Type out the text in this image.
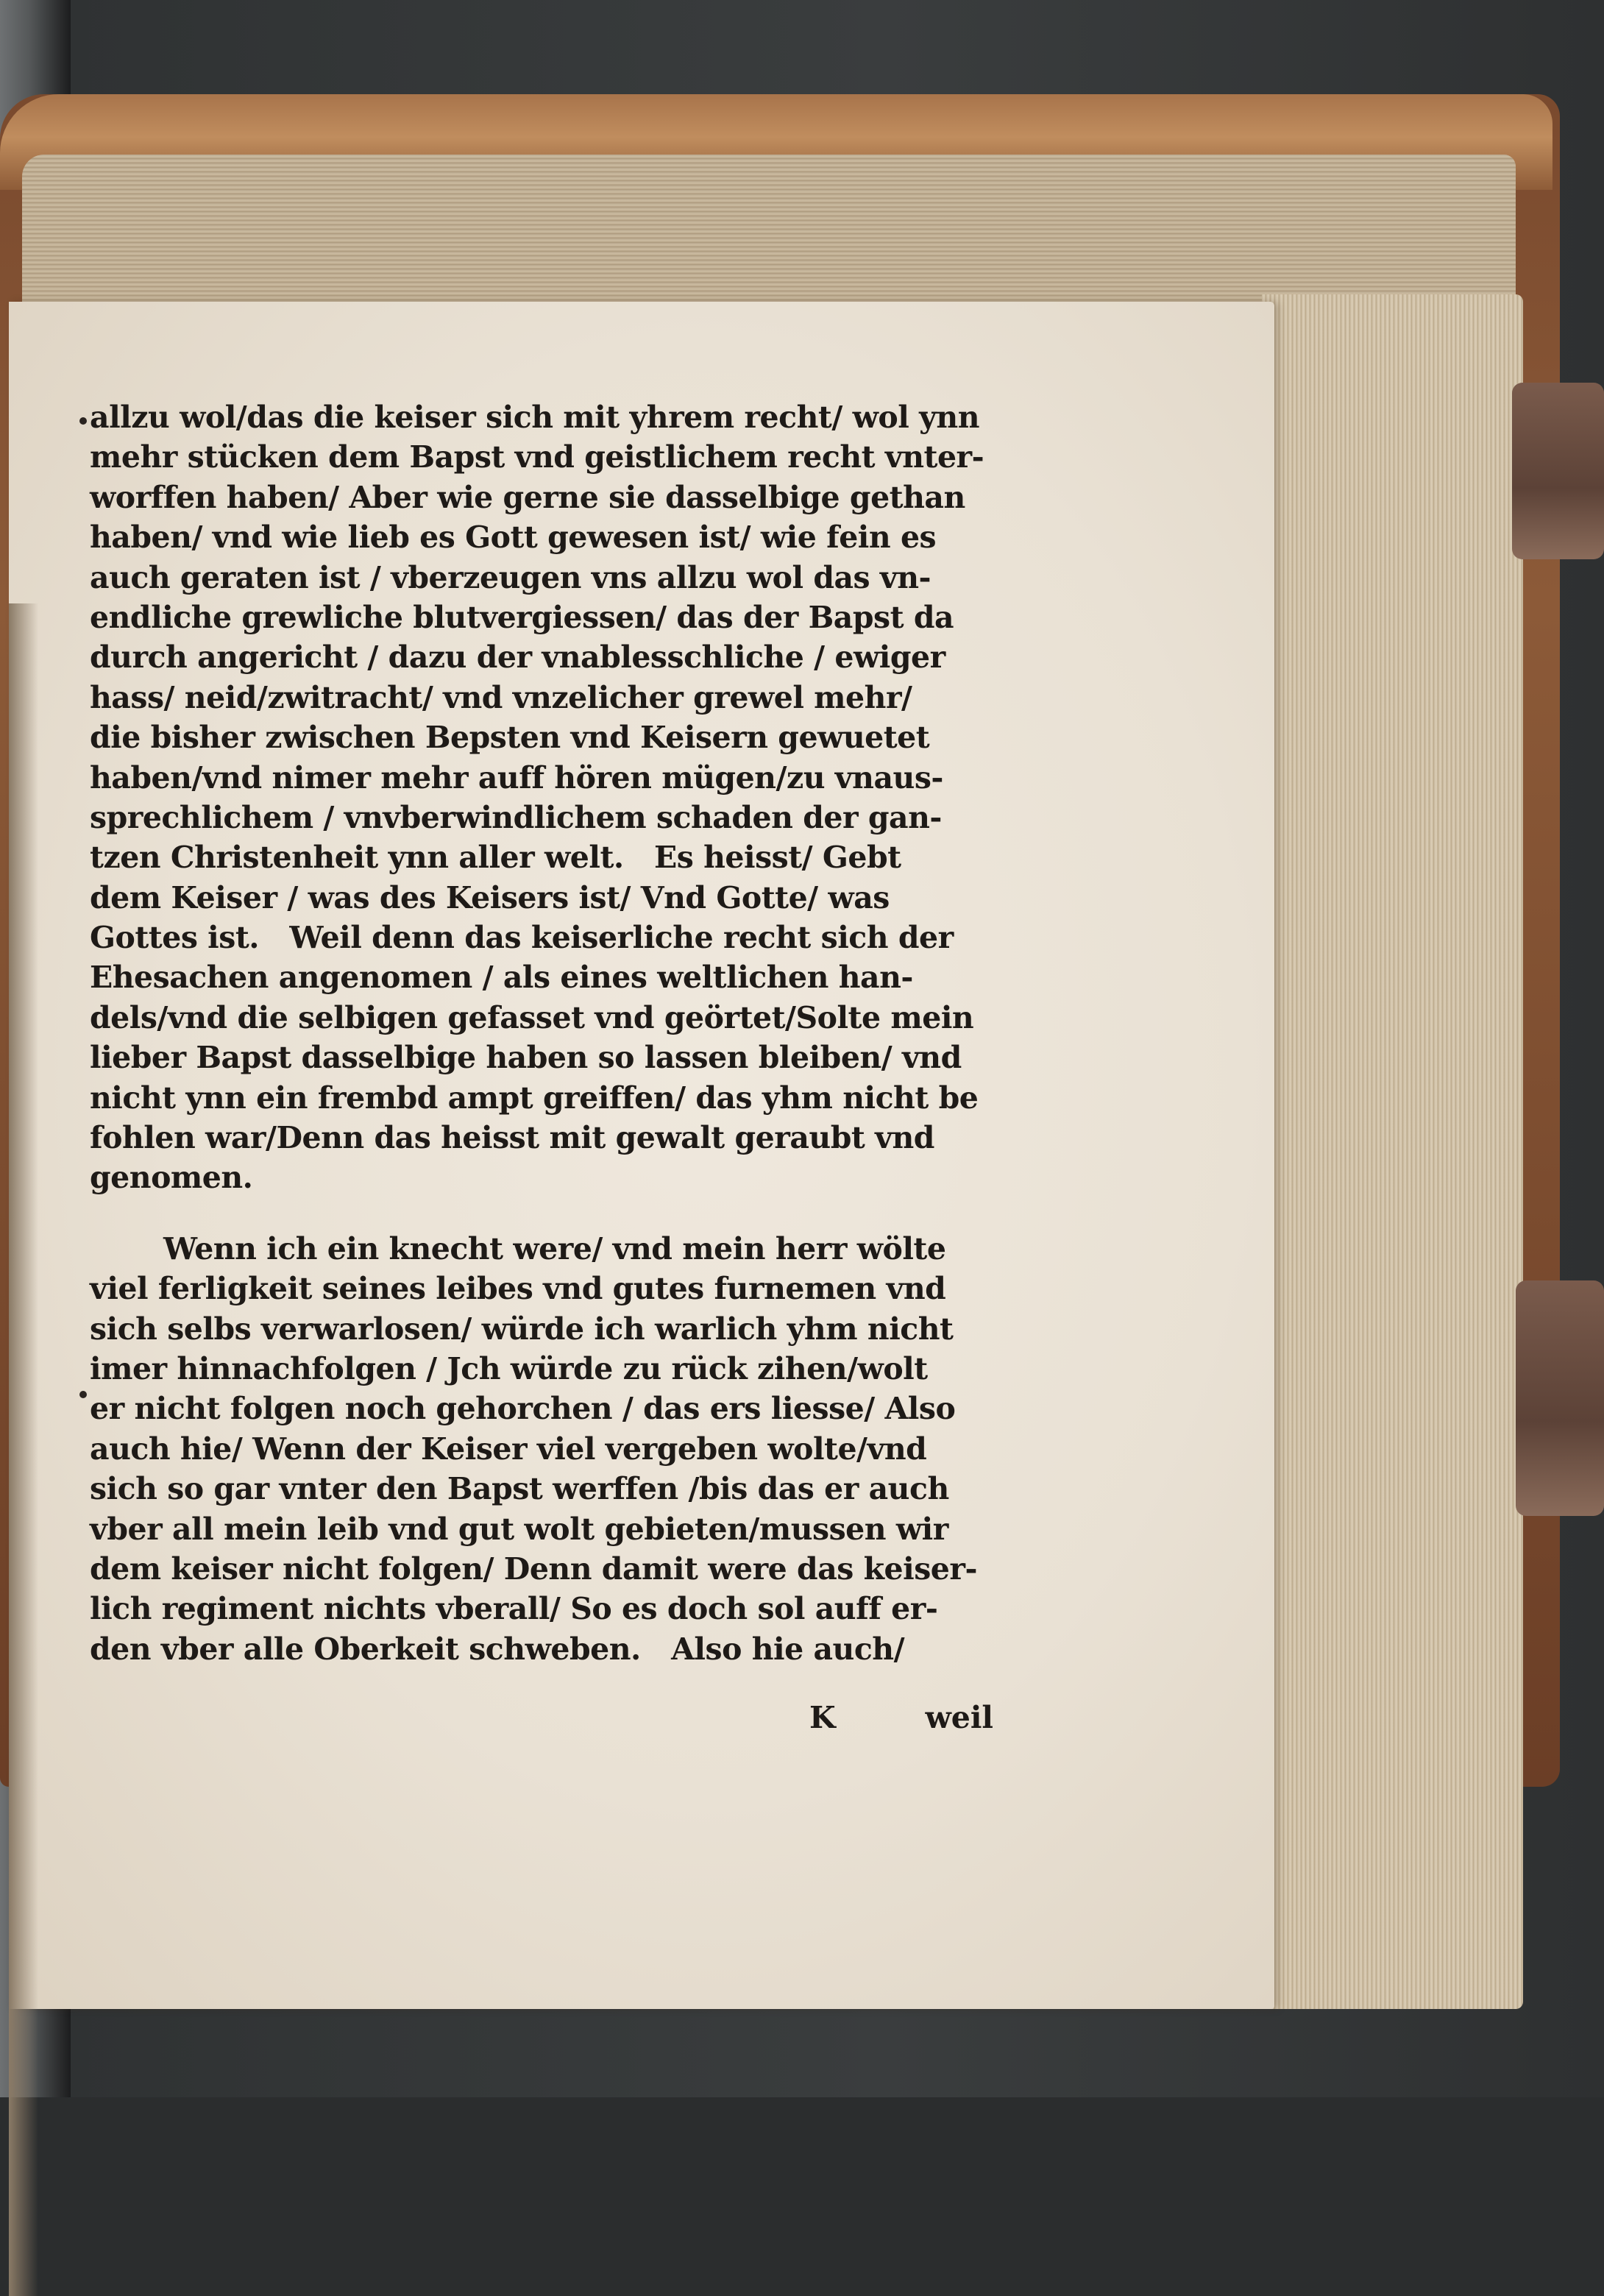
allzu wol/das die keiser sich mit yhrem recht/ wol ynn
mehr stücken dem Bapst vnd geistlichem recht vnter-
worffen haben/ Aber wie gerne sie dasselbige gethan
haben/ vnd wie lieb es Gott gewesen ist/ wie fein es
auch geraten ist / vberzeugen vns allzu wol das vn-
endliche grewliche blutvergiessen/ das der Bapst da
durch angericht / dazu der vnablesschliche / ewiger
hass/ neid/zwitracht/ vnd vnzelicher grewel mehr/
die bisher zwischen Bepsten vnd Keisern gewuetet
haben/vnd nimer mehr auff hören mügen/zu vnaus-
sprechlichem / vnvberwindlichem schaden der gan-
tzen Christenheit ynn aller welt.   Es heisst/ Gebt
dem Keiser / was des Keisers ist/ Vnd Gotte/ was
Gottes ist.   Weil denn das keiserliche recht sich der
Ehesachen angenomen / als eines weltlichen han-
dels/vnd die selbigen gefasset vnd geörtet/Solte mein
lieber Bapst dasselbige haben so lassen bleiben/ vnd
nicht ynn ein frembd ampt greiffen/ das yhm nicht be
fohlen war/Denn das heisst mit gewalt geraubt vnd
genomen.
Wenn ich ein knecht were/ vnd mein herr wölte
viel ferligkeit seines leibes vnd gutes furnemen vnd
sich selbs verwarlosen/ würde ich warlich yhm nicht
imer hinnachfolgen / Jch würde zu rück zihen/wolt
er nicht folgen noch gehorchen / das ers liesse/ Also
auch hie/ Wenn der Keiser viel vergeben wolte/vnd
sich so gar vnter den Bapst werffen /bis das er auch
vber all mein leib vnd gut wolt gebieten/mussen wir
dem keiser nicht folgen/ Denn damit were das keiser-
lich regiment nichts vberall/ So es doch sol auff er-
den vber alle Oberkeit schweben.   Also hie auch/
K	weil
